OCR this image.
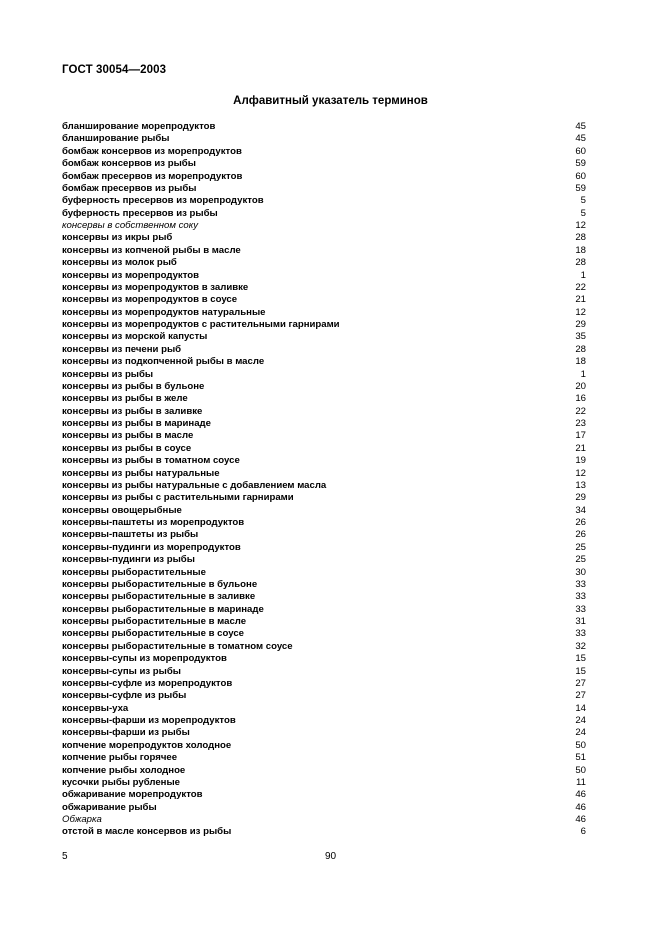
ГОСТ 30054—2003
Алфавитный указатель терминов
бланширование морепродуктов	45
бланширование рыбы	45
бомбаж консервов из морепродуктов	60
бомбаж консервов из рыбы	59
бомбаж пресервов из морепродуктов	60
бомбаж пресервов из рыбы	59
буферность пресервов из морепродуктов	5
буферность пресервов из рыбы	5
консервы в собственном соку	12
консервы из икры рыб	28
консервы из копченой рыбы в масле	18
консервы из молок рыб	28
консервы из морепродуктов	1
консервы из морепродуктов в заливке	22
консервы из морепродуктов в соусе	21
консервы из морепродуктов натуральные	12
консервы из морепродуктов с растительными гарнирами	29
консервы из морской капусты	35
консервы из печени рыб	28
консервы из подкопченной рыбы в масле	18
консервы из рыбы	1
консервы из рыбы в бульоне	20
консервы из рыбы в желе	16
консервы из рыбы в заливке	22
консервы из рыбы в маринаде	23
консервы из рыбы в масле	17
консервы из рыбы в соусе	21
консервы из рыбы в томатном соусе	19
консервы из рыбы натуральные	12
консервы из рыбы натуральные с добавлением масла	13
консервы из рыбы с растительными гарнирами	29
консервы овощерыбные	34
консервы-паштеты из морепродуктов	26
консервы-паштеты из рыбы	26
консервы-пудинги из морепродуктов	25
консервы-пудинги из рыбы	25
консервы рыборастительные	30
консервы рыборастительные в бульоне	33
консервы рыборастительные в заливке	33
консервы рыборастительные в маринаде	33
консервы рыборастительные в масле	31
консервы рыборастительные в соусе	33
консервы рыборастительные в томатном соусе	32
консервы-супы из морепродуктов	15
консервы-супы из рыбы	15
консервы-суфле из морепродуктов	27
консервы-суфле из рыбы	27
консервы-уха	14
консервы-фарши из морепродуктов	24
консервы-фарши из рыбы	24
копчение морепродуктов холодное	50
копчение рыбы горячее	51
копчение рыбы холодное	50
кусочки рыбы рубленые	11
обжаривание морепродуктов	46
обжаривание рыбы	46
Обжарка	46
отстой в масле консервов из рыбы	6
5	90
